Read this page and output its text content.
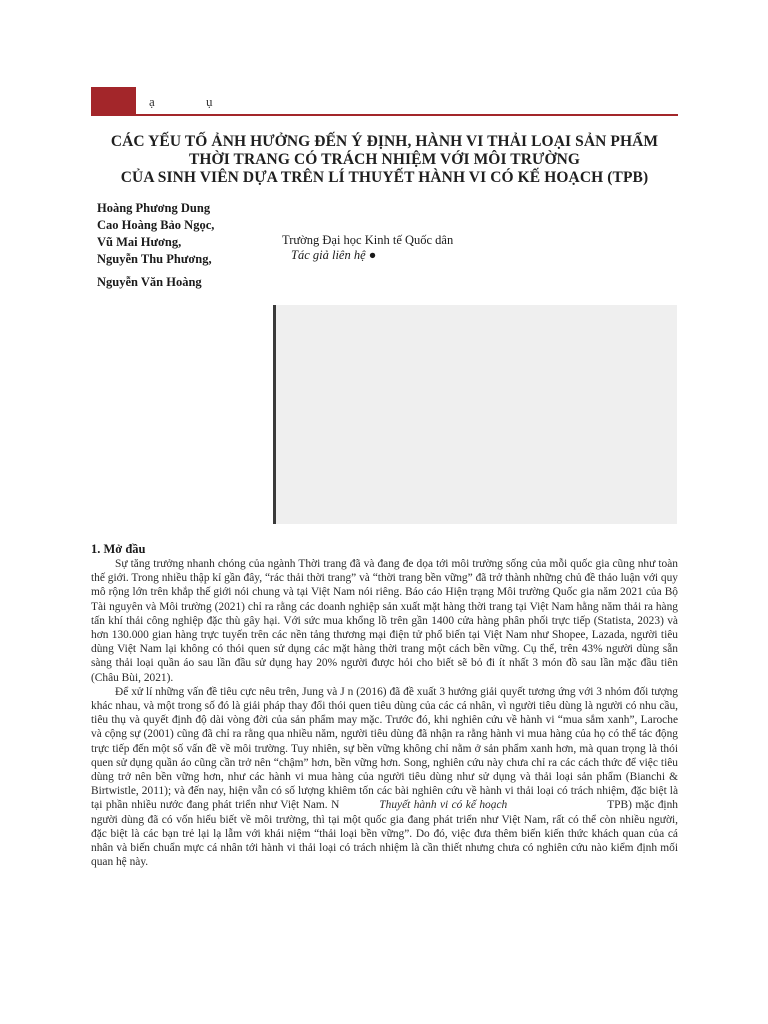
ạ	ụ
CÁC YẾU TỐ ẢNH HƯỞNG ĐẾN Ý ĐỊNH, HÀNH VI THẢI LOẠI SẢN PHẨM
THỜI TRANG CÓ TRÁCH NHIỆM VỚI MÔI TRƯỜNG
CỦA SINH VIÊN DỰA TRÊN LÍ THUYẾT HÀNH VI CÓ KẾ HOẠCH (TPB)
Hoàng Phương Dung
Cao Hoàng Bảo Ngọc,
Vũ Mai Hương,
Nguyễn Thu Phương,
Nguyễn Văn Hoàng
Trường Đại học Kinh tế Quốc dân
Tác giả liên hệ ●
1. Mở đầu

Sự tăng trưởng nhanh chóng của ngành Thời trang đã và đang đe dọa tới môi trường sống của mỗi quốc gia cũng như toàn thế giới. Trong nhiều thập kỉ gần đây, “rác thải thời trang” và “thời trang bền vững” đã trở thành những chủ đề thảo luận với quy mô rộng lớn trên khắp thế giới nói chung và tại Việt Nam nói riêng. Báo cáo Hiện trạng Môi trường Quốc gia năm 2021 của Bộ Tài nguyên và Môi trường (2021) chỉ ra rằng các doanh nghiệp sản xuất mặt hàng thời trang tại Việt Nam hằng năm thải ra hàng tấn khí thải công nghiệp đặc thù gây hại. Với sức mua khổng lồ trên gần 1400 cửa hàng phân phối trực tiếp (Statista, 2023) và hơn 130.000 gian hàng trực tuyến trên các nền tảng thương mại điện tử phổ biến tại Việt Nam như Shopee, Lazada, người tiêu dùng Việt Nam lại không có thói quen sử dụng các mặt hàng thời trang một cách bền vững. Cụ thể, trên 43% người dùng sẵn sàng thải loại quần áo sau lần đầu sử dụng hay 20% người được hỏi cho biết sẽ bỏ đi ít nhất 3 món đồ sau lần mặc đầu tiên (Châu Bùi, 2021).

Để xử lí những vấn đề tiêu cực nêu trên, Jung và J n (2016) đã đề xuất 3 hướng giải quyết tương ứng với 3 nhóm đối tượng khác nhau, và một trong số đó là giải pháp thay đổi thói quen tiêu dùng của các cá nhân, vì người tiêu dùng là người có nhu cầu, tiêu thụ và quyết định độ dài vòng đời của sản phẩm may mặc. Trước đó, khi nghiên cứu về hành vi “mua sắm xanh”, Laroche và cộng sự (2001) cũng đã chỉ ra rằng qua nhiều năm, người tiêu dùng đã nhận ra rằng hành vi mua hàng của họ có thể tác động trực tiếp đến một số vấn đề về môi trường. Tuy nhiên, sự bền vững không chỉ nằm ở sản phẩm xanh hơn, mà quan trọng là thói quen sử dụng quần áo cũng cần trở nên “chậm” hơn, bền vững hơn. Song, nghiên cứu này chưa chỉ ra các cách thức để việc tiêu dùng trở nên bền vững hơn, như các hành vi mua hàng của người tiêu dùng như sử dụng và thải loại sản phẩm (Bianchi & Birtwistle, 2011); và đến nay, hiện vẫn có số lượng khiêm tốn các bài nghiên cứu về hành vi thải loại có trách nhiệm, đặc biệt là tại phần nhiều nước đang phát triển như Việt Nam. N	Thuyết hành vi có kế hoạch	TPB) mặc định người dùng đã có vốn hiểu biết về môi trường, thì tại một quốc gia đang phát triển như Việt Nam, rất có thể còn nhiều người, đặc biệt là các bạn trẻ lại lạ lẫm với khái niệm “thải loại bền vững”. Do đó, việc đưa thêm biến kiến thức khách quan của cá nhân và biến chuẩn mực cá nhân tới hành vi thải loại có trách nhiệm là cần thiết nhưng chưa có nghiên cứu nào kiểm định mối quan hệ này.
